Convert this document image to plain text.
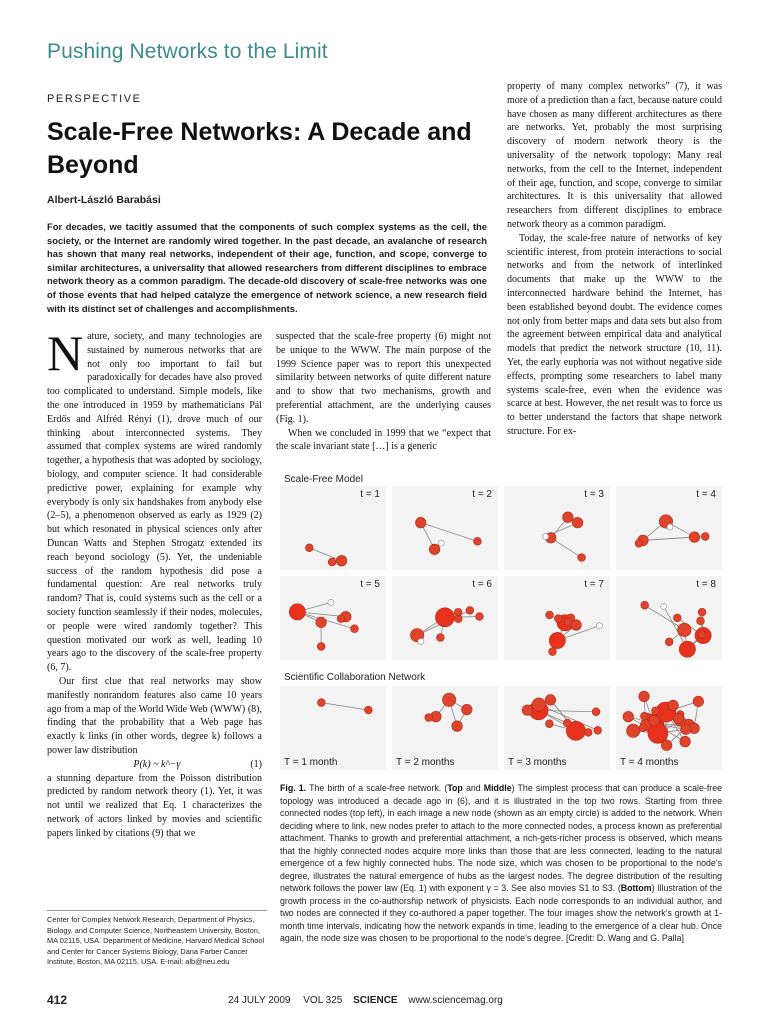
Pushing Networks to the Limit
PERSPECTIVE
Scale-Free Networks: A Decade and Beyond
Albert-László Barabási
For decades, we tacitly assumed that the components of such complex systems as the cell, the society, or the Internet are randomly wired together. In the past decade, an avalanche of research has shown that many real networks, independent of their age, function, and scope, converge to similar architectures, a universality that allowed researchers from different disciplines to embrace network theory as a common paradigm. The decade-old discovery of scale-free networks was one of those events that had helped catalyze the emergence of network science, a new research field with its distinct set of challenges and accomplishments.

Nature, society, and many technologies are sustained by numerous networks that are not only too important to fail but paradoxically for decades have also proved too complicated to understand. Simple models, like the one introduced in 1959 by mathematicians Pál Erdős and Alfréd Rényi (1), drove much of our thinking about interconnected systems. They assumed that complex systems are wired randomly together, a hypothesis that was adopted by sociology, biology, and computer science. It had considerable predictive power, explaining for example why everybody is only six handshakes from anybody else (2–5), a phenomenon observed as early as 1929 (2) but which resonated in physical sciences only after Duncan Watts and Stephen Strogatz extended its reach beyond sociology (5). Yet, the undeniable success of the random hypothesis did pose a fundamental question: Are real networks truly random? That is, could systems such as the cell or a society function seamlessly if their nodes, molecules, or people were wired randomly together? This question motivated our work as well, leading 10 years ago to the discovery of the scale-free property (6, 7).

Our first clue that real networks may show manifestly nonrandom features also came 10 years ago from a map of the World Wide Web (WWW) (8), finding that the probability that a Web page has exactly k links (in other words, degree k) follows a power law distribution

P(k) ~ k^−γ	(1)

a stunning departure from the Poisson distribution predicted by random network theory (1). Yet, it was not until we realized that Eq. 1 characterizes the network of actors linked by movies and scientific papers linked by citations (9) that we

suspected that the scale-free property (6) might not be unique to the WWW. The main purpose of the 1999 Science paper was to report this unexpected similarity between networks of quite different nature and to show that two mechanisms, growth and preferential attachment, are the underlying causes (Fig. 1).

When we concluded in 1999 that we “expect that the scale invariant state […] is a generic

property of many complex networks” (7), it was more of a prediction than a fact, because nature could have chosen as many different architectures as there are networks. Yet, probably the most surprising discovery of modern network theory is the universality of the network topology: Many real networks, from the cell to the Internet, independent of their age, function, and scope, converge to similar architectures. It is this universality that allowed researchers from different disciplines to embrace network theory as a common paradigm.

Today, the scale-free nature of networks of key scientific interest, from protein interactions to social networks and from the network of interlinked documents that make up the WWW to the interconnected hardware behind the Internet, has been established beyond doubt. The evidence comes not only from better maps and data sets but also from the agreement between empirical data and analytical models that predict the network structure (10, 11). Yet, the early euphoria was not without negative side effects, prompting some researchers to label many systems scale-free, even when the evidence was scarce at best. However, the net result was to force us to better understand the factors that shape network structure. For ex-

Center for Complex Network Research, Department of Physics, Biology, and Computer Science, Northeastern University, Boston, MA 02115, USA. Department of Medicine, Harvard Medical School and Center for Cancer Systems Biology, Dana Farber Cancer Institute, Boston, MA 02115, USA. E-mail: alb@neu.edu
Scale-Free Model
Scientific Collaboration Network
t = 1	t = 2	t = 3	t = 4
t = 5	t = 6	t = 7	t = 8
T = 1 month	T = 2 months	T = 3 months	T = 4 months
Fig. 1. The birth of a scale-free network. (Top and Middle) The simplest process that can produce a scale-free topology was introduced a decade ago in (6), and it is illustrated in the top two rows. Starting from three connected nodes (top left), in each image a new node (shown as an empty circle) is added to the network. When deciding where to link, new nodes prefer to attach to the more connected nodes, a process known as preferential attachment. Thanks to growth and preferential attachment, a rich-gets-richer process is observed, which means that the highly connected nodes acquire more links than those that are less connected, leading to the natural emergence of a few highly connected hubs. The node size, which was chosen to be proportional to the node’s degree, illustrates the natural emergence of hubs as the largest nodes. The degree distribution of the resulting network follows the power law (Eq. 1) with exponent γ = 3. See also movies S1 to S3. (Bottom) Illustration of the growth process in the co-authorship network of physicists. Each node corresponds to an individual author, and two nodes are connected if they co-authored a paper together. The four images show the network’s growth at 1-month time intervals, indicating how the network expands in time, leading to the emergence of a clear hub. Once again, the node size was chosen to be proportional to the node’s degree. [Credit: D. Wang and G. Palla]
412	24 JULY 2009 VOL 325 SCIENCE www.sciencemag.org
